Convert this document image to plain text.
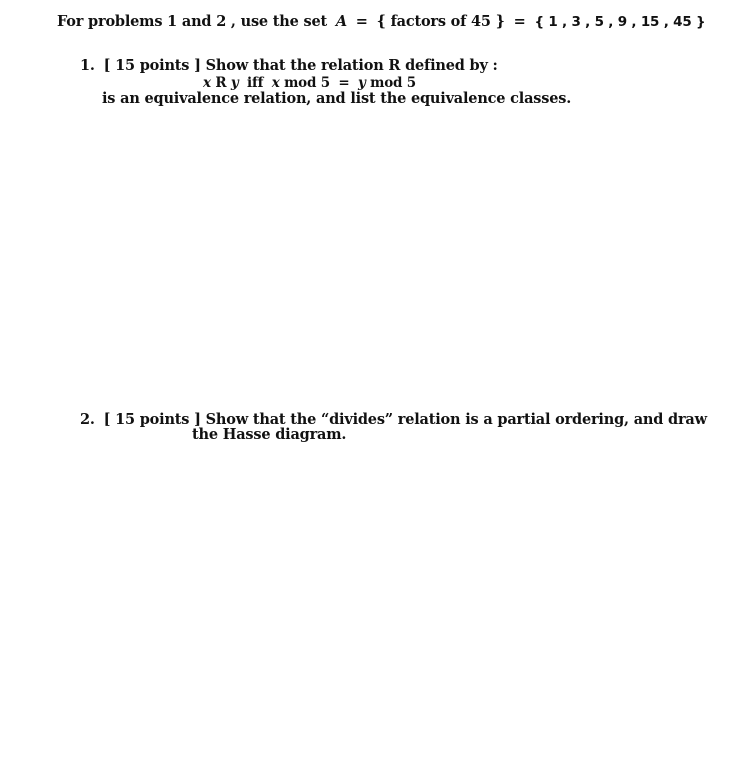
For problems 1 and 2 , use the set A = { factors of 45 } = { 1 , 3 , 5 , 9 , 15 , 45 }
1. [ 15 points ] Show that the relation R defined by :
x R y iff x mod 5 = y mod 5
is an equivalence relation, and list the equivalence classes.
2. [ 15 points ] Show that the “divides” relation is a partial ordering, and draw
the Hasse diagram.
